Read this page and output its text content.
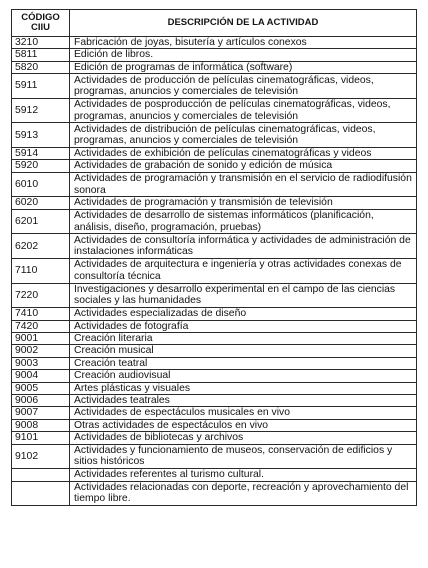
CÓDIGO
CIIU	DESCRIPCIÓN DE LA ACTIVIDAD
3210	Fabricación de joyas, bisutería y artículos conexos
5811	Edición de libros.
5820	Edición de programas de informática (software)
5911	Actividades de producción de películas cinematográficas, videos, programas, anuncios y comerciales de televisión
5912	Actividades de posproducción de películas cinematográficas, videos, programas, anuncios y comerciales de televisión
5913	Actividades de distribución de películas cinematográficas, videos, programas, anuncios y comerciales de televisión
5914	Actividades de exhibición de películas cinematográficas y videos
5920	Actividades de grabación de sonido y edición de música
6010	Actividades de programación y transmisión en el servicio de radiodifusión sonora
6020	Actividades de programación y transmisión de televisión
6201	Actividades de desarrollo de sistemas informáticos (planificación, análisis, diseño, programación, pruebas)
6202	Actividades de consultoría informática y actividades de administración de instalaciones informáticas
7110	Actividades de arquitectura e ingeniería y otras actividades conexas de consultoría técnica
7220	Investigaciones y desarrollo experimental en el campo de las ciencias sociales y las humanidades
7410	Actividades especializadas de diseño
7420	Actividades de fotografía
9001	Creación literaria
9002	Creación musical
9003	Creación teatral
9004	Creación audiovisual
9005	Artes plásticas y visuales
9006	Actividades teatrales
9007	Actividades de espectáculos musicales en vivo
9008	Otras actividades de espectáculos en vivo
9101	Actividades de bibliotecas y archivos
9102	Actividades y funcionamiento de museos, conservación de edificios y sitios históricos
	Actividades referentes al turismo cultural.
	Actividades relacionadas con deporte, recreación y aprovechamiento del tiempo libre.
